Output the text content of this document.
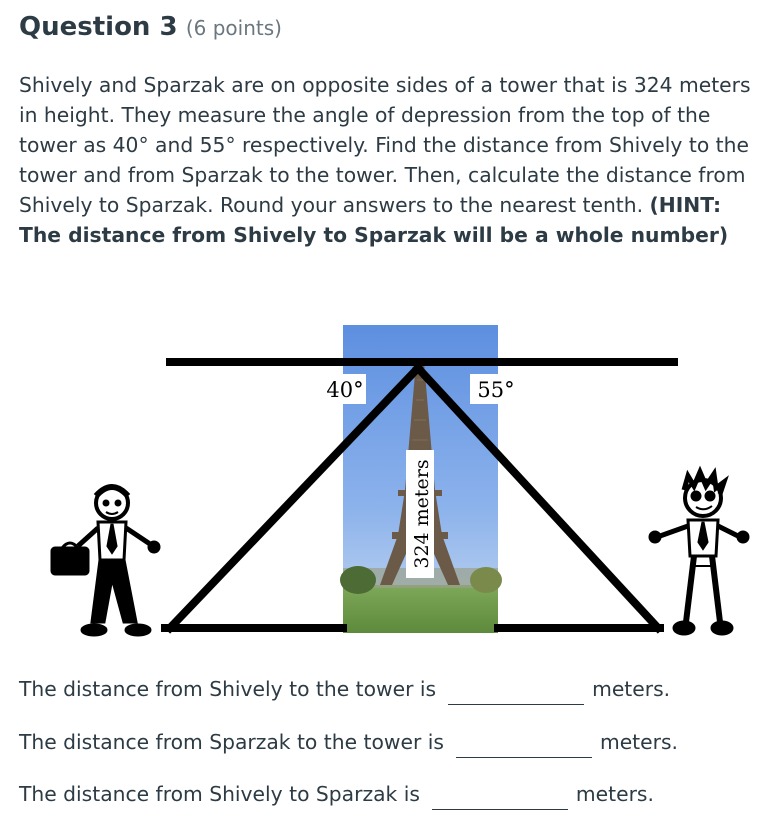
Question 3 (6 points)
Shively and Sparzak are on opposite sides of a tower that is 324 meters in height. They measure the angle of depression from the top of the tower as 40° and 55° respectively. Find the distance from Shively to the tower and from Sparzak to the tower. Then, calculate the distance from Shively to Sparzak. Round your answers to the nearest tenth. (HINT: The distance from Shively to Sparzak will be a whole number)
324 meters
40°	55°
The distance from Shively to the tower is	meters.
The distance from Sparzak to the tower is	meters.
The distance from Shively to Sparzak is	meters.
